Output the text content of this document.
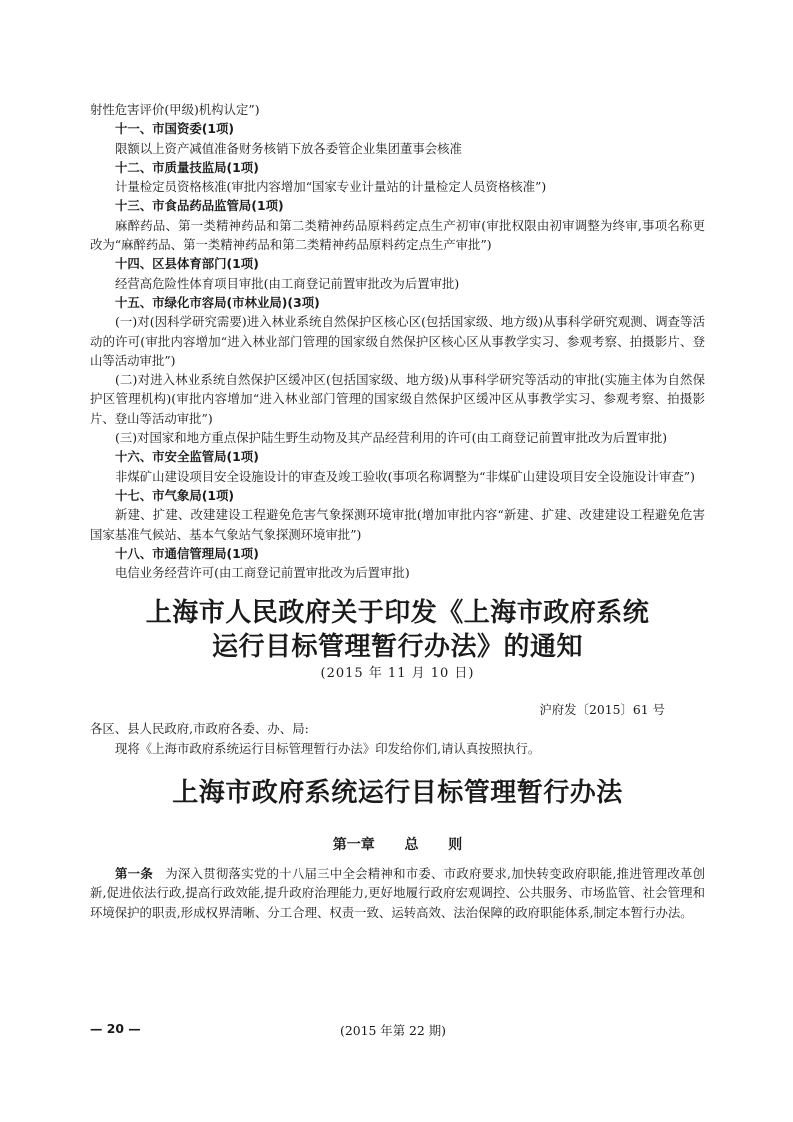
射性危害评价(甲级)机构认定”)

十一、市国资委(1项)

限额以上资产减值准备财务核销下放各委管企业集团董事会核准

十二、市质量技监局(1项)

计量检定员资格核准(审批内容增加“国家专业计量站的计量检定人员资格核准”)

十三、市食品药品监管局(1项)

麻醉药品、第一类精神药品和第二类精神药品原料药定点生产初审(审批权限由初审调整为终审,事项名称更改为“麻醉药品、第一类精神药品和第二类精神药品原料药定点生产审批”)

十四、区县体育部门(1项)

经营高危险性体育项目审批(由工商登记前置审批改为后置审批)

十五、市绿化市容局(市林业局)(3项)

(一)对(因科学研究需要)进入林业系统自然保护区核心区(包括国家级、地方级)从事科学研究观测、调查等活动的许可(审批内容增加“进入林业部门管理的国家级自然保护区核心区从事教学实习、参观考察、拍摄影片、登山等活动审批”)

(二)对进入林业系统自然保护区缓冲区(包括国家级、地方级)从事科学研究等活动的审批(实施主体为自然保护区管理机构)(审批内容增加“进入林业部门管理的国家级自然保护区缓冲区从事教学实习、参观考察、拍摄影片、登山等活动审批”)

(三)对国家和地方重点保护陆生野生动物及其产品经营利用的许可(由工商登记前置审批改为后置审批)

十六、市安全监管局(1项)

非煤矿山建设项目安全设施设计的审查及竣工验收(事项名称调整为“非煤矿山建设项目安全设施设计审查”)

十七、市气象局(1项)

新建、扩建、改建建设工程避免危害气象探测环境审批(增加审批内容“新建、扩建、改建建设工程避免危害国家基准气候站、基本气象站气象探测环境审批”)

十八、市通信管理局(1项)

电信业务经营许可(由工商登记前置审批改为后置审批)

上海市人民政府关于印发《上海市政府系统

运行目标管理暂行办法》的通知

(2015 年 11 月 10 日)

沪府发〔2015〕61 号

各区、县人民政府,市政府各委、办、局:

现将《上海市政府系统运行目标管理暂行办法》印发给你们,请认真按照执行。

上海市政府系统运行目标管理暂行办法

第一章 总 则

第一条 为深入贯彻落实党的十八届三中全会精神和市委、市政府要求,加快转变政府职能,推进管理改革创新,促进依法行政,提高行政效能,提升政府治理能力,更好地履行政府宏观调控、公共服务、市场监管、社会管理和环境保护的职责,形成权界清晰、分工合理、权责一致、运转高效、法治保障的政府职能体系,制定本暂行办法。

— 20 —	(2015 年第 22 期)
